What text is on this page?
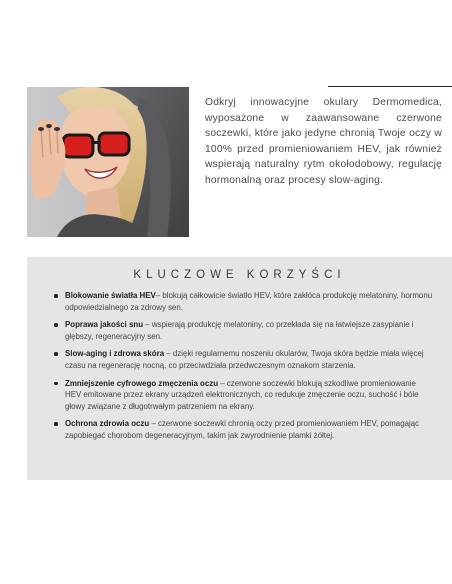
Odkryj innowacyjne okulary Dermomedica, wyposażone w zaawansowane czerwone soczewki, które jako jedyne chronią Twoje oczy w 100% przed promieniowaniem HEV, jak również wspierają naturalny rytm okołodobowy, regulację hormonalną oraz procesy slow-aging.

KLUCZOWE KORZYŚCI
Blokowanie światła HEV– blokują całkowicie światło HEV, które zakłóca produkcję melatoniny, hormonu odpowiedzialnego za zdrowy sen.
Poprawa jakości snu – wspierają produkcję melatoniny, co przekłada się na łatwiejsze zasypianie i głębszy, regeneracyjny sen.
Slow-aging i zdrowa skóra – dzięki regularnemu noszeniu okularów, Twoja skóra będzie miała więcej czasu na regenerację nocną, co przeciwdziała przedwczesnym oznakom starzenia.
Zmniejszenie cyfrowego zmęczenia oczu – czerwone soczewki blokują szkodliwe promieniowanie HEV emitowane przez ekrany urządzeń elektronicznych, co redukuje zmęczenie oczu, suchość i bóle głowy związane z długotrwałym patrzeniem na ekrany.
Ochrona zdrowia oczu – czerwone soczewki chronią oczy przed promieniowaniem HEV, pomagając zapobiegać chorobom degeneracyjnym, takim jak zwyrodnienie plamki żółtej.
